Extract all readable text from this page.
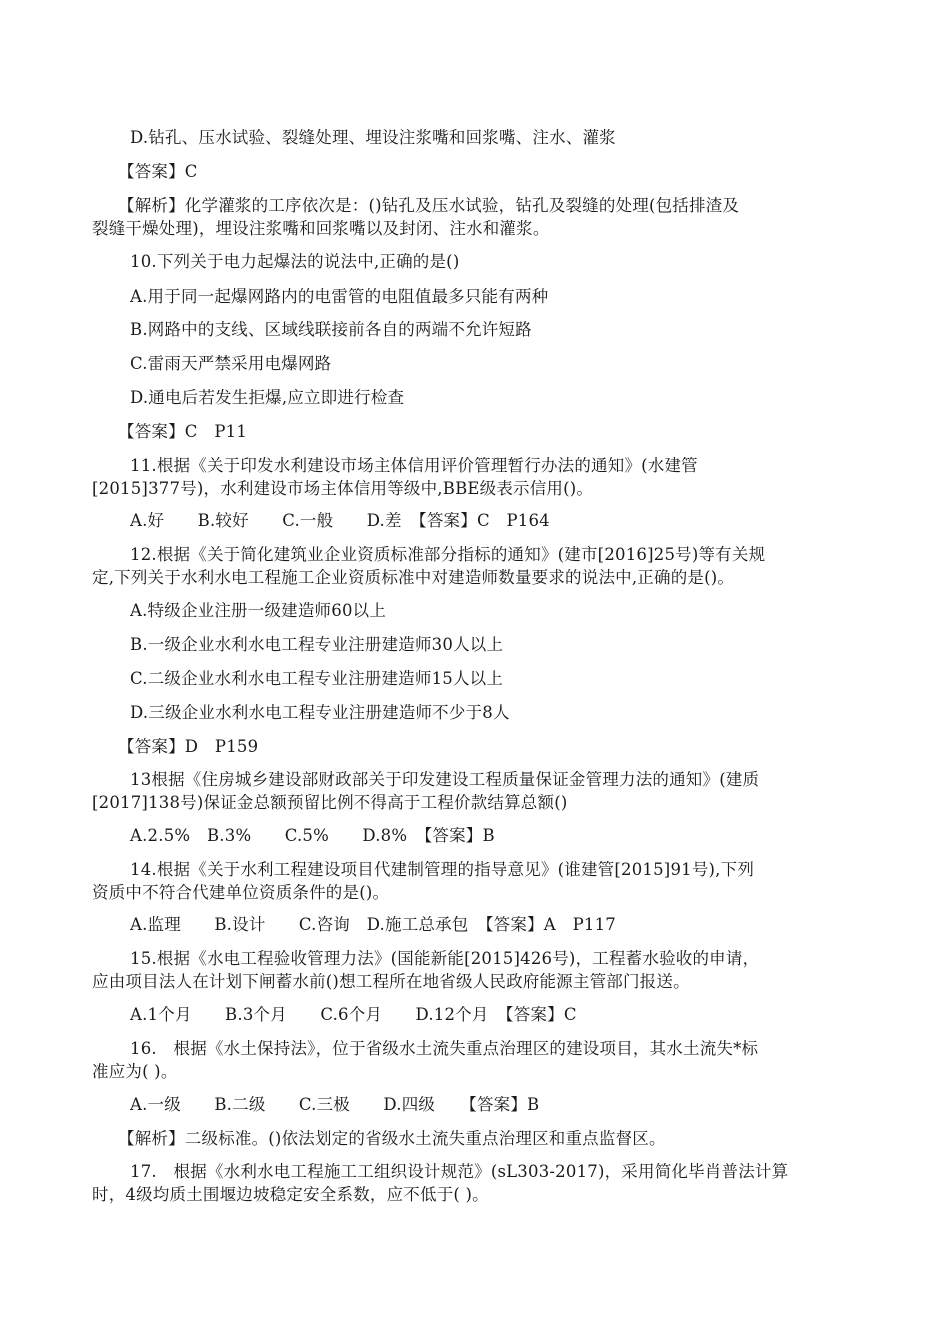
D.钻孔、压水试验、裂缝处理、埋设注浆嘴和回浆嘴、注水、灌浆
【答案】C
【解析】化学灌浆的工序依次是：()钻孔及压水试验，钻孔及裂缝的处理(包括排渣及
裂缝干燥处理)，埋设注浆嘴和回浆嘴以及封闭、注水和灌浆。
10.下列关于电力起爆法的说法中,正确的是()
A.用于同一起爆网路内的电雷管的电阻值最多只能有两种
B.网路中的支线、区域线联接前各自的两端不允许短路
C.雷雨天严禁采用电爆网路
D.通电后若发生拒爆,应立即进行检查
【答案】C　P11
11.根据《关于印发水利建设市场主体信用评价管理暂行办法的通知》(水建管
[2015]377号)，水利建设市场主体信用等级中,BBE级表示信用()。
A.好　　B.较好　　C.一般　　D.差　【答案】C　P164
12.根据《关于简化建筑业企业资质标准部分指标的通知》(建市[2016]25号)等有关规
定,下列关于水利水电工程施工企业资质标准中对建造师数量要求的说法中,正确的是()。
A.特级企业注册一级建造师60以上
B.一级企业水利水电工程专业注册建造师30人以上
C.二级企业水利水电工程专业注册建造师15人以上
D.三级企业水利水电工程专业注册建造师不少于8人
【答案】D　P159
13根据《住房城乡建设部财政部关于印发建设工程质量保证金管理力法的通知》(建质
[2017]138号)保证金总额预留比例不得高于工程价款结算总额()
A.2.5%　B.3%　　C.5%　　D.8%　【答案】B
14.根据《关于水利工程建设项目代建制管理的指导意见》(谁建管[2015]91号),下列
资质中不符合代建单位资质条件的是()。
A.监理　　B.设计　　C.咨询　D.施工总承包　【答案】A　P117
15.根据《水电工程验收管理力法》(国能新能[2015]426号)，工程蓄水验收的申请，
应由项目法人在计划下闸蓄水前()想工程所在地省级人民政府能源主管部门报送。
A.1个月　　B.3个月　　C.6个月　　D.12个月　【答案】C
16.　根据《水土保持法》，位于省级水土流失重点治理区的建设项目，其水土流失*标
准应为( )。
A.一级　　B.二级　　C.三极　　D.四级　　【答案】B
【解析】二级标准。()依法划定的省级水土流失重点治理区和重点监督区。
17.　根据《水利水电工程施工工组织设计规范》(sL303-2017)，采用简化毕肖普法计算
时，4级均质土围堰边坡稳定安全系数，应不低于( )。
